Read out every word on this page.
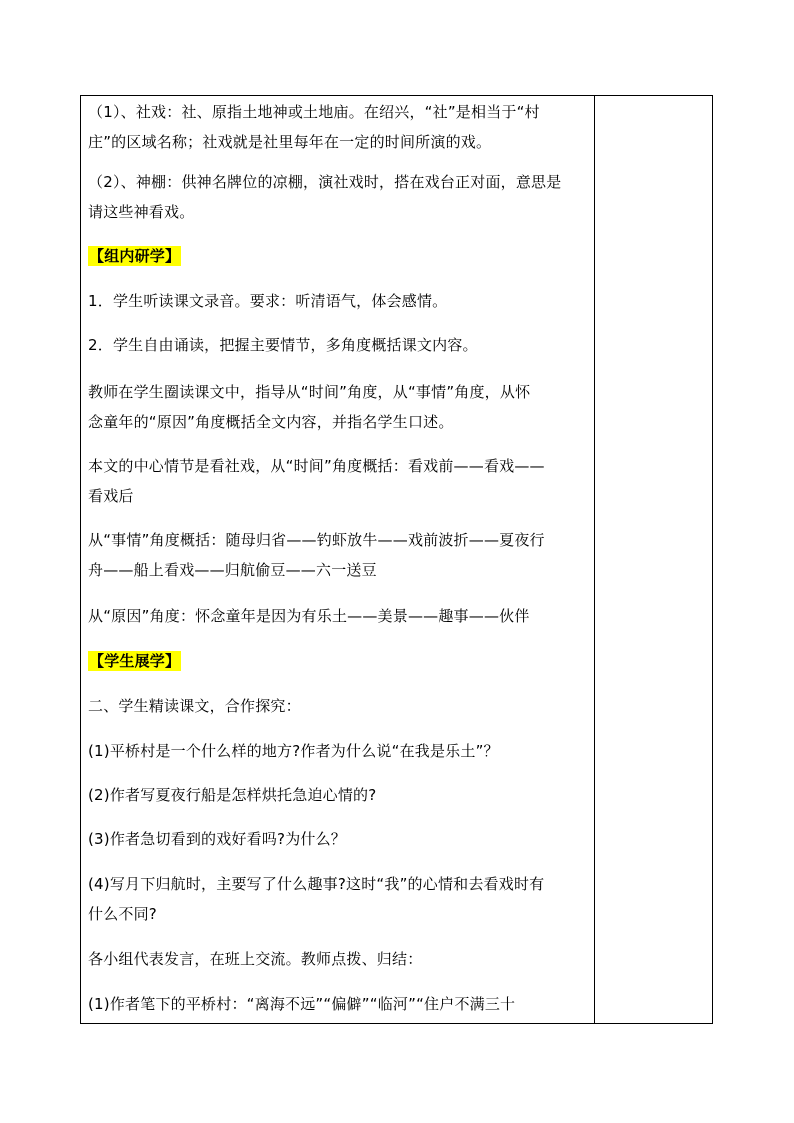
（1）、社戏：社、原指土地神或土地庙。在绍兴，“社”是相当于“村
庄”的区域名称；社戏就是社里每年在一定的时间所演的戏。
（2）、神棚：供神名牌位的凉棚，演社戏时，搭在戏台正对面，意思是
请这些神看戏。
【组内研学】
1．学生听读课文录音。要求：听清语气，体会感情。
2．学生自由诵读，把握主要情节，多角度概括课文内容。
教师在学生圈读课文中，指导从“时间”角度，从“事情”角度，从怀
念童年的“原因”角度概括全文内容，并指名学生口述。
本文的中心情节是看社戏，从“时间”角度概括：看戏前——看戏——
看戏后
从“事情”角度概括：随母归省——钓虾放牛——戏前波折——夏夜行
舟——船上看戏——归航偷豆——六一送豆
从“原因”角度：怀念童年是因为有乐土——美景——趣事——伙伴
【学生展学】
二、学生精读课文，合作探究：
(1)平桥村是一个什么样的地方?作者为什么说“在我是乐土”？
(2)作者写夏夜行船是怎样烘托急迫心情的?
(3)作者急切看到的戏好看吗?为什么？
(4)写月下归航时，主要写了什么趣事?这时“我”的心情和去看戏时有
什么不同?
各小组代表发言，在班上交流。教师点拨、归结：
(1)作者笔下的平桥村：“离海不远”“偏僻”“临河”“住户不满三十
